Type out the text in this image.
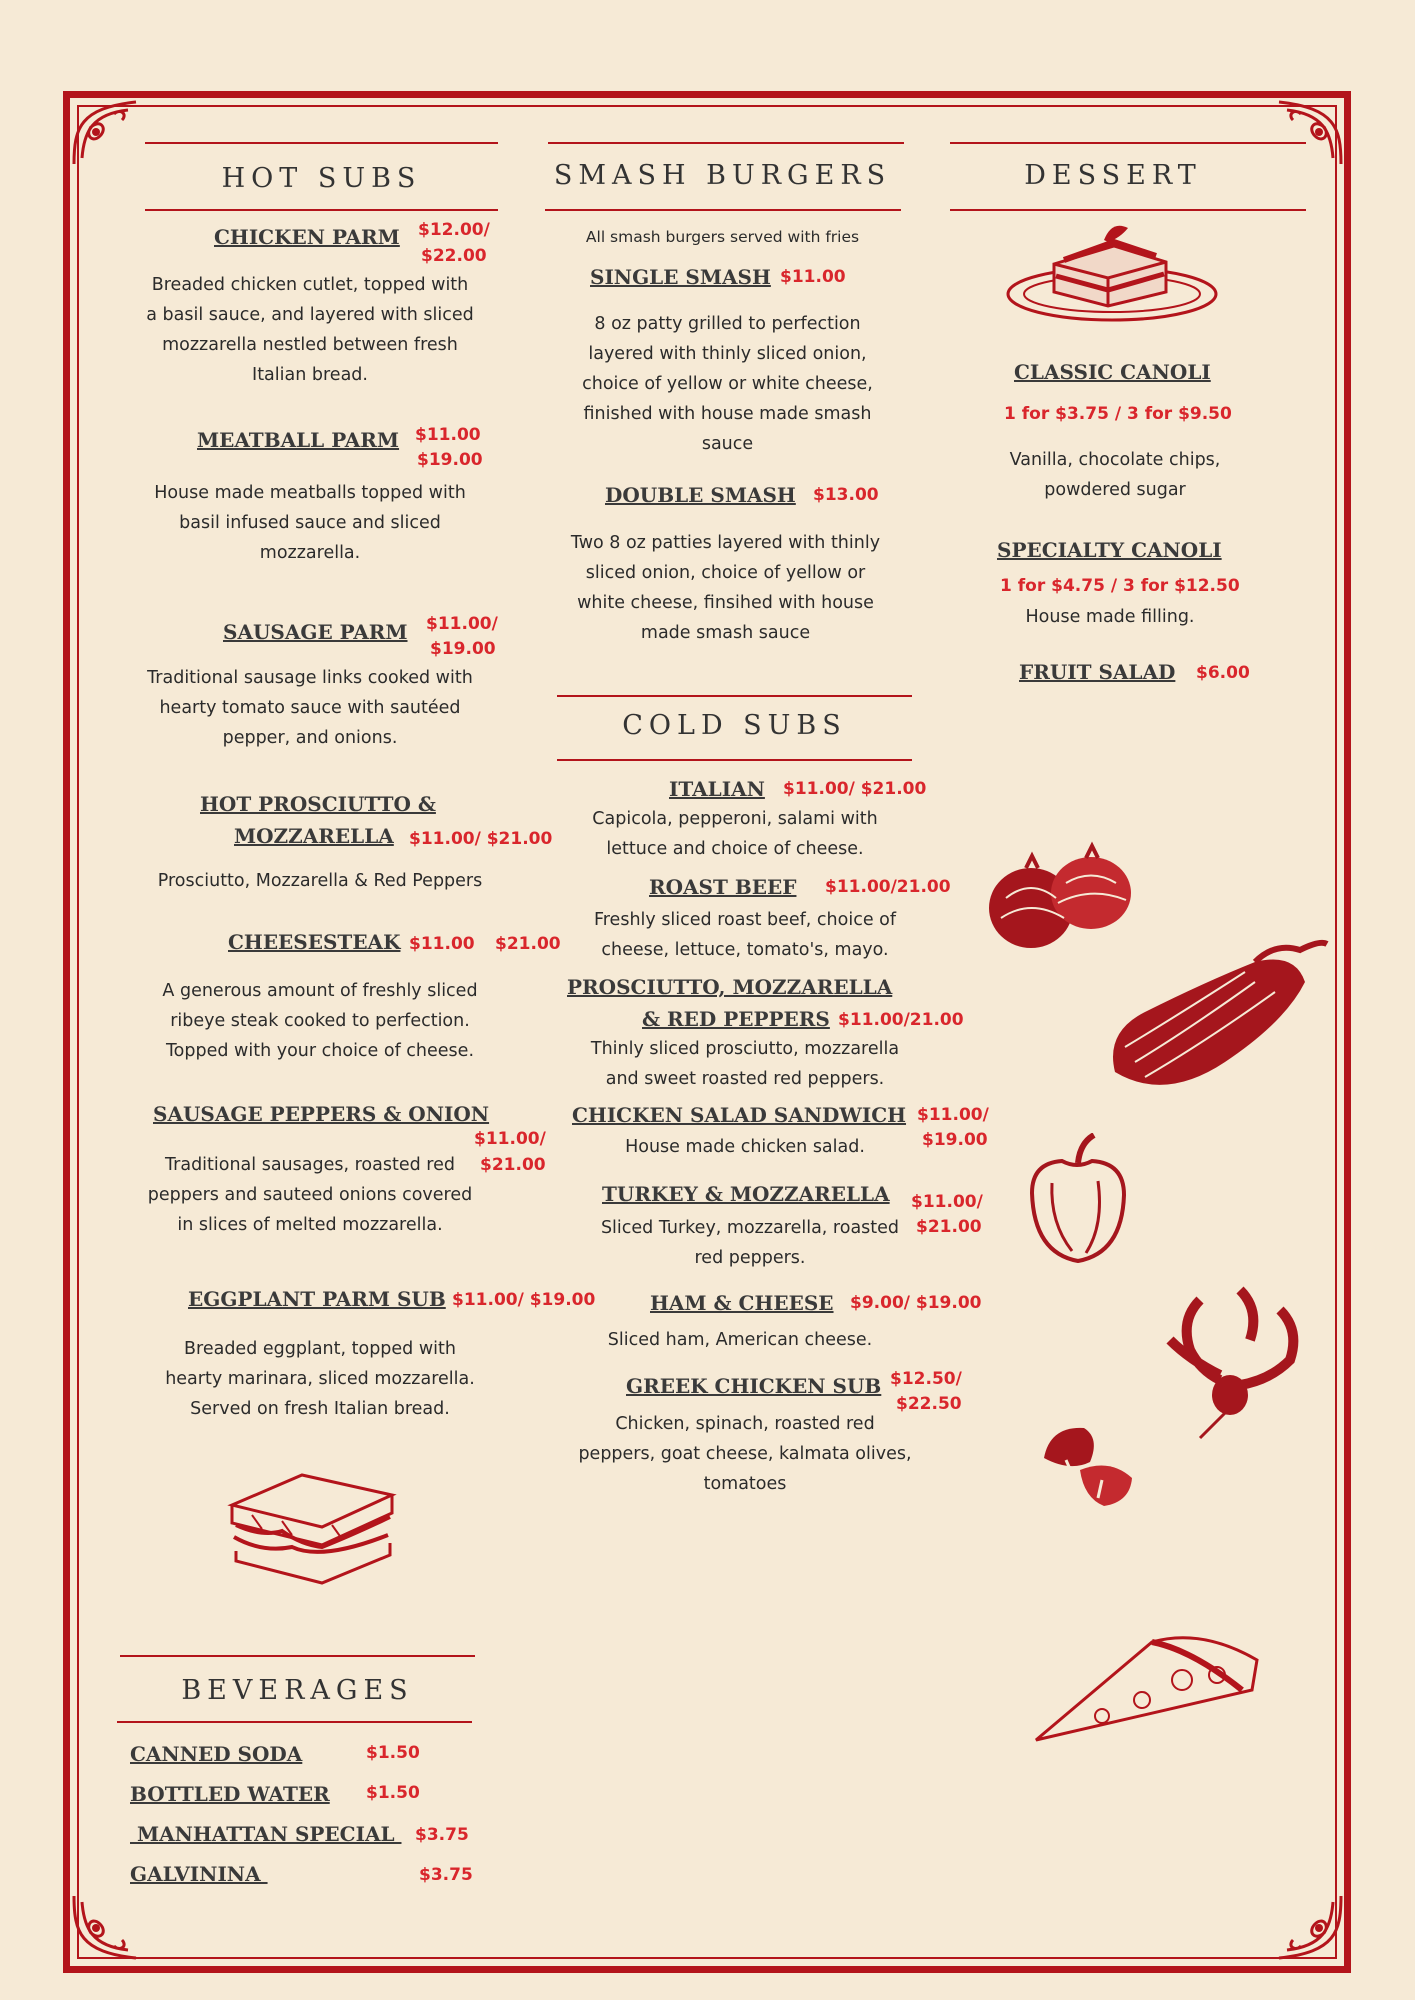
HOT SUBS
CHICKEN PARM $12.00/
$22.00
Breaded chicken cutlet, topped with
a basil sauce, and layered with sliced
mozzarella nestled between fresh
Italian bread.
MEATBALL PARM $11.00
$19.00
House made meatballs topped with
basil infused sauce and sliced
mozzarella.
SAUSAGE PARM $11.00/
$19.00
Traditional sausage links cooked with
hearty tomato sauce with sautéed
pepper, and onions.
HOT PROSCIUTTO &
MOZZARELLA $11.00/ $21.00
Prosciutto, Mozzarella & Red Peppers
CHEESESTEAK $11.00 $21.00
A generous amount of freshly sliced
ribeye steak cooked to perfection.
Topped with your choice of cheese.
SAUSAGE PEPPERS & ONION
$11.00/
$21.00
Traditional sausages, roasted red
peppers and sauteed onions covered
in slices of melted mozzarella.
EGGPLANT PARM SUB $11.00/ $19.00
Breaded eggplant, topped with
hearty marinara, sliced mozzarella.
Served on fresh Italian bread.
SMASH BURGERS
All smash burgers served with fries
SINGLE SMASH $11.00
8 oz patty grilled to perfection
layered with thinly sliced onion,
choice of yellow or white cheese,
finished with house made smash
sauce
DOUBLE SMASH $13.00
Two 8 oz patties layered with thinly
sliced onion, choice of yellow or
white cheese, finsihed with house
made smash sauce
COLD SUBS
ITALIAN $11.00/ $21.00
Capicola, pepperoni, salami with
lettuce and choice of cheese.
ROAST BEEF $11.00/21.00
Freshly sliced roast beef, choice of
cheese, lettuce, tomato's, mayo.
PROSCIUTTO, MOZZARELLA
& RED PEPPERS $11.00/21.00
Thinly sliced prosciutto, mozzarella
and sweet roasted red peppers.
CHICKEN SALAD SANDWICH $11.00/
$19.00
House made chicken salad.
TURKEY & MOZZARELLA $11.00/
$21.00
Sliced Turkey, mozzarella, roasted
red peppers.
HAM & CHEESE $9.00/ $19.00
Sliced ham, American cheese.
GREEK CHICKEN SUB $12.50/
$22.50
Chicken, spinach, roasted red
peppers, goat cheese, kalmata olives,
tomatoes
DESSERT
CLASSIC CANOLI
1 for $3.75 / 3 for $9.50
Vanilla, chocolate chips,
powdered sugar
SPECIALTY CANOLI
1 for $4.75 / 3 for $12.50
House made filling.
FRUIT SALAD $6.00
BEVERAGES
CANNED SODA	$1.50
BOTTLED WATER $1.50
MANHATTAN SPECIAL $3.75
GALVININA	$3.75
